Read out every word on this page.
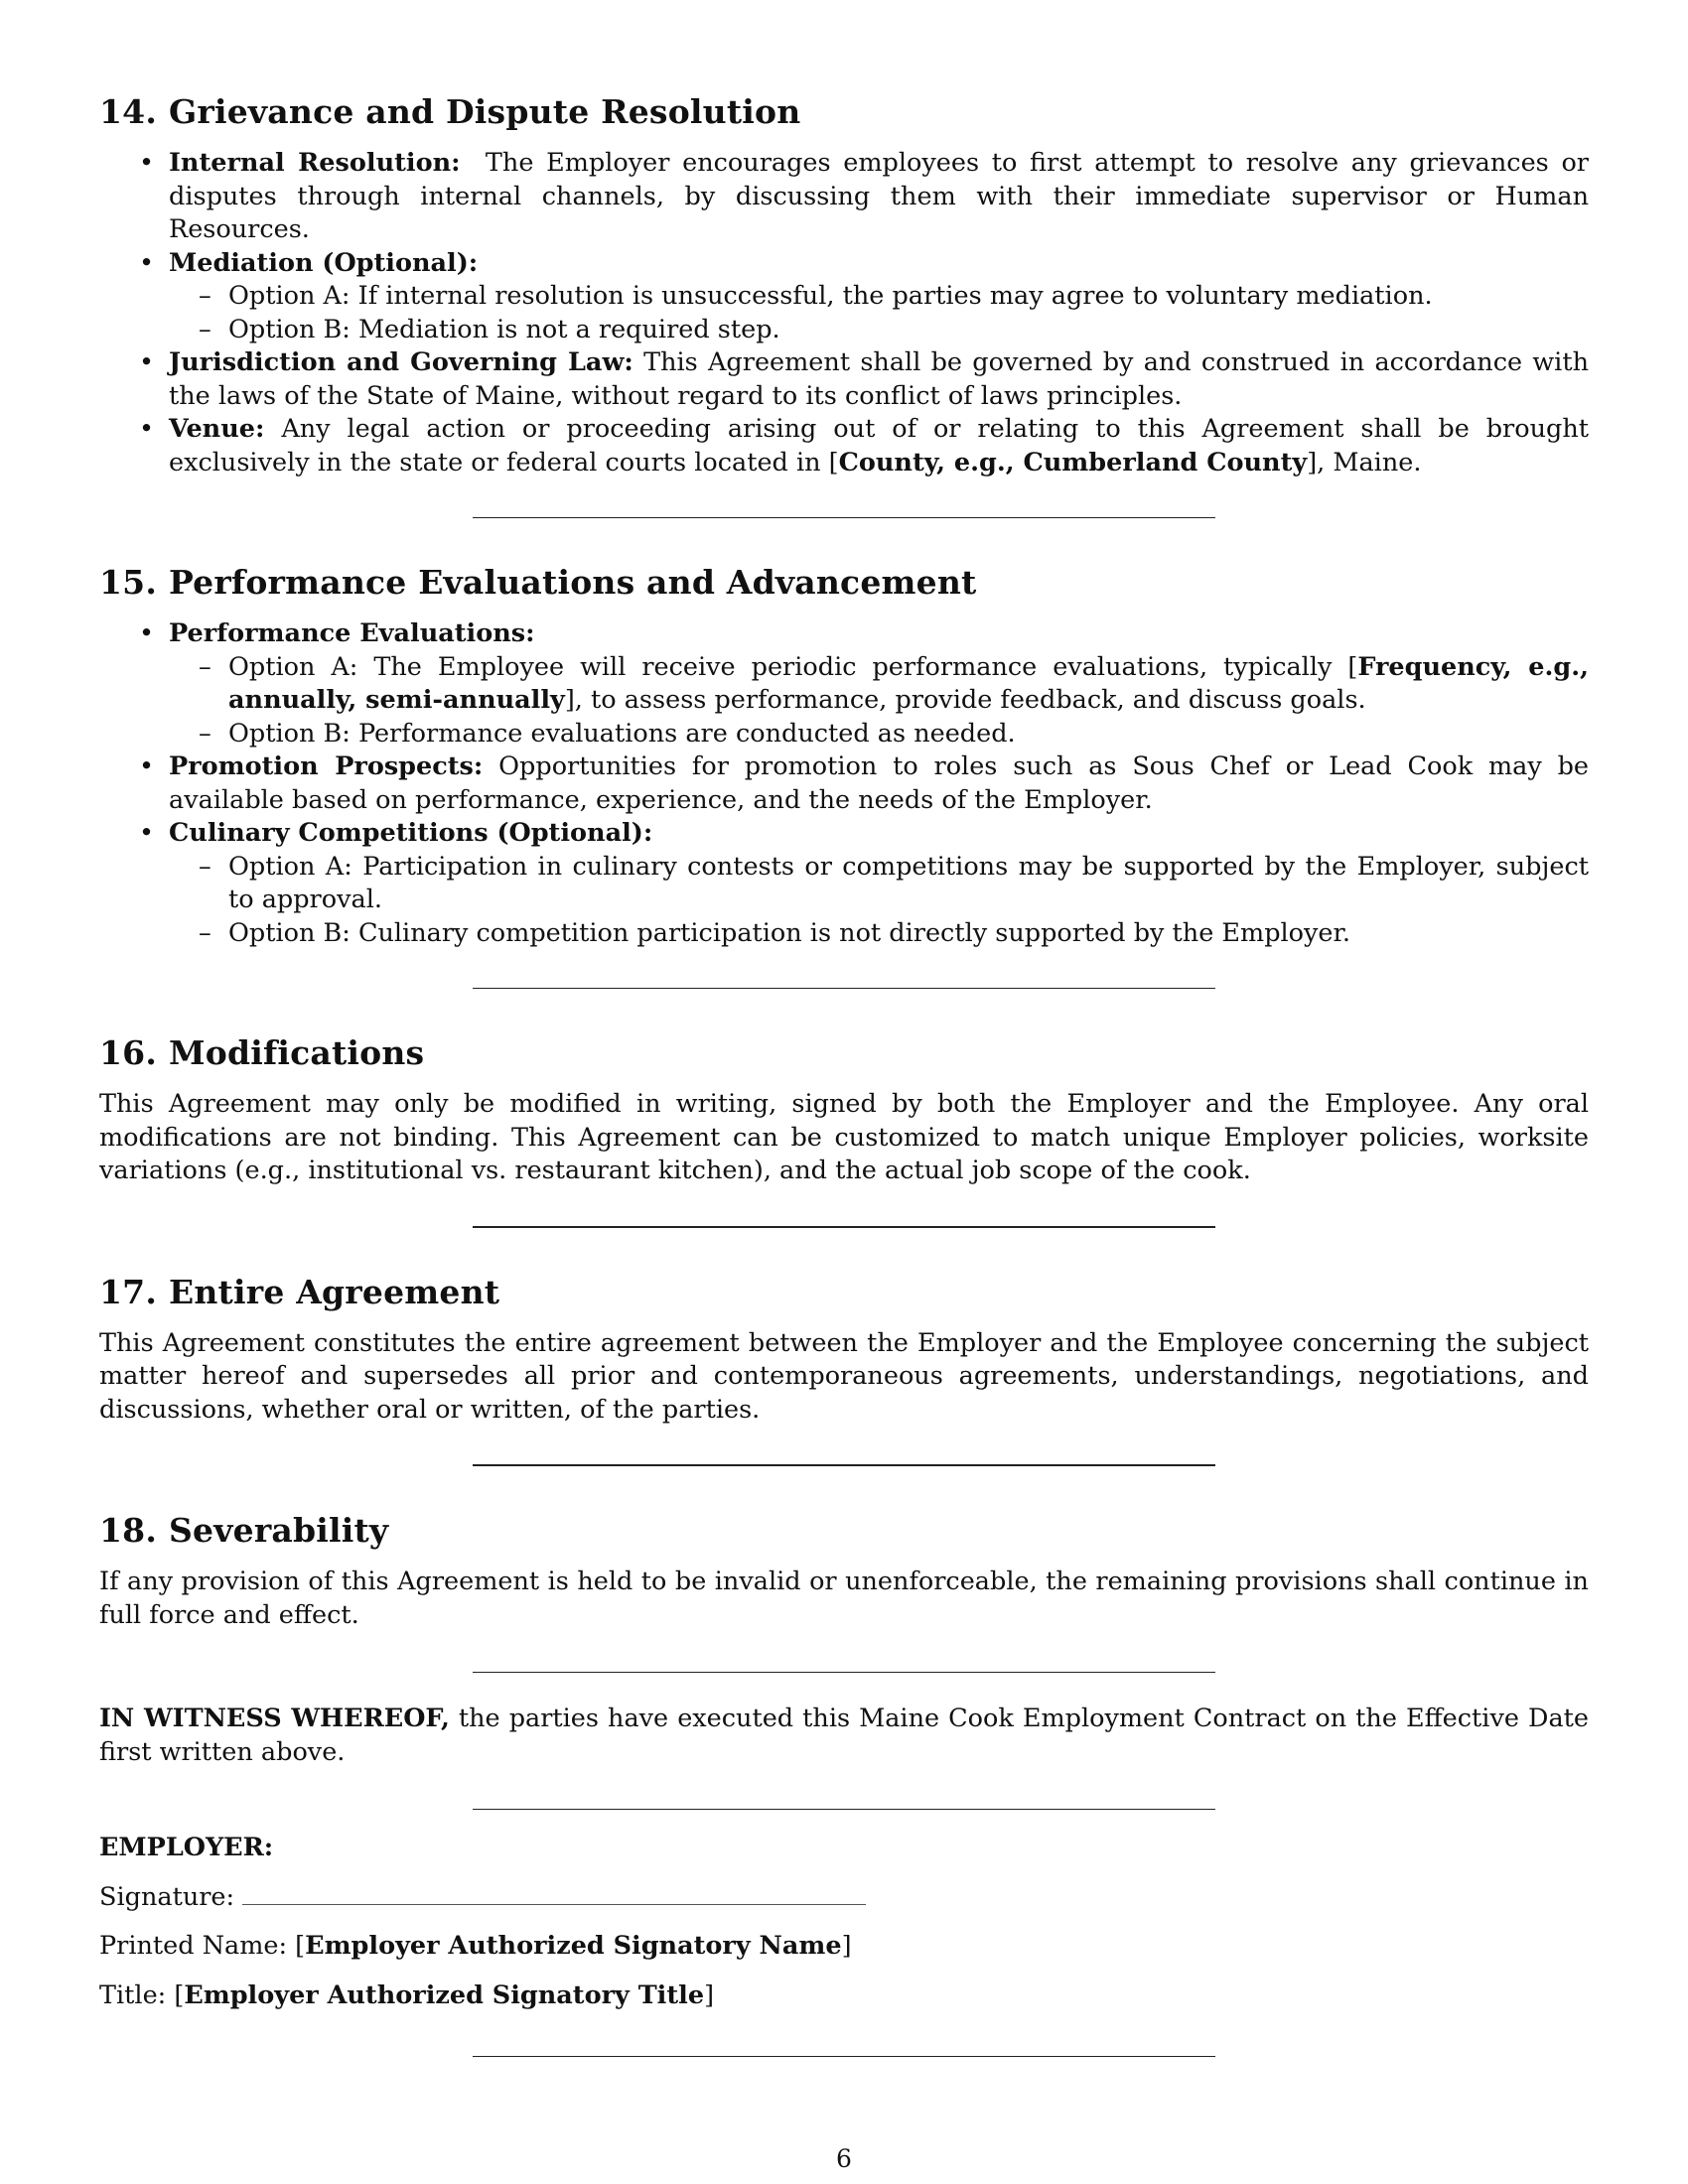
14. Grievance and Dispute Resolution
• Internal Resolution: The Employer encourages employees to first attempt to resolve any grievances or disputes through internal channels, by discussing them with their immediate supervisor or Human Resources.
• Mediation (Optional):
– Option A: If internal resolution is unsuccessful, the parties may agree to voluntary mediation.
– Option B: Mediation is not a required step.
• Jurisdiction and Governing Law: This Agreement shall be governed by and construed in accordance with the laws of the State of Maine, without regard to its conflict of laws principles.
• Venue: Any legal action or proceeding arising out of or relating to this Agreement shall be brought exclusively in the state or federal courts located in [County, e.g., Cumberland County], Maine.
15. Performance Evaluations and Advancement
• Performance Evaluations:
– Option A: The Employee will receive periodic performance evaluations, typically [Frequency, e.g., annually, semi-annually], to assess performance, provide feedback, and discuss goals.
– Option B: Performance evaluations are conducted as needed.
• Promotion Prospects: Opportunities for promotion to roles such as Sous Chef or Lead Cook may be available based on performance, experience, and the needs of the Employer.
• Culinary Competitions (Optional):
– Option A: Participation in culinary contests or competitions may be supported by the Employer, subject to approval.
– Option B: Culinary competition participation is not directly supported by the Employer.
16. Modifications

This Agreement may only be modified in writing, signed by both the Employer and the Employee. Any oral modifications are not binding. This Agreement can be customized to match unique Employer policies, worksite variations (e.g., institutional vs. restaurant kitchen), and the actual job scope of the cook.

17. Entire Agreement

This Agreement constitutes the entire agreement between the Employer and the Employee concerning the subject matter hereof and supersedes all prior and contemporaneous agreements, understandings, negotiations, and discussions, whether oral or written, of the parties.

18. Severability

If any provision of this Agreement is held to be invalid or unenforceable, the remaining provisions shall continue in full force and effect.

IN WITNESS WHEREOF, the parties have executed this Maine Cook Employment Contract on the Effective Date first written above.

EMPLOYER:
Signature:
Printed Name: [Employer Authorized Signatory Name]
Title: [Employer Authorized Signatory Title]
6
